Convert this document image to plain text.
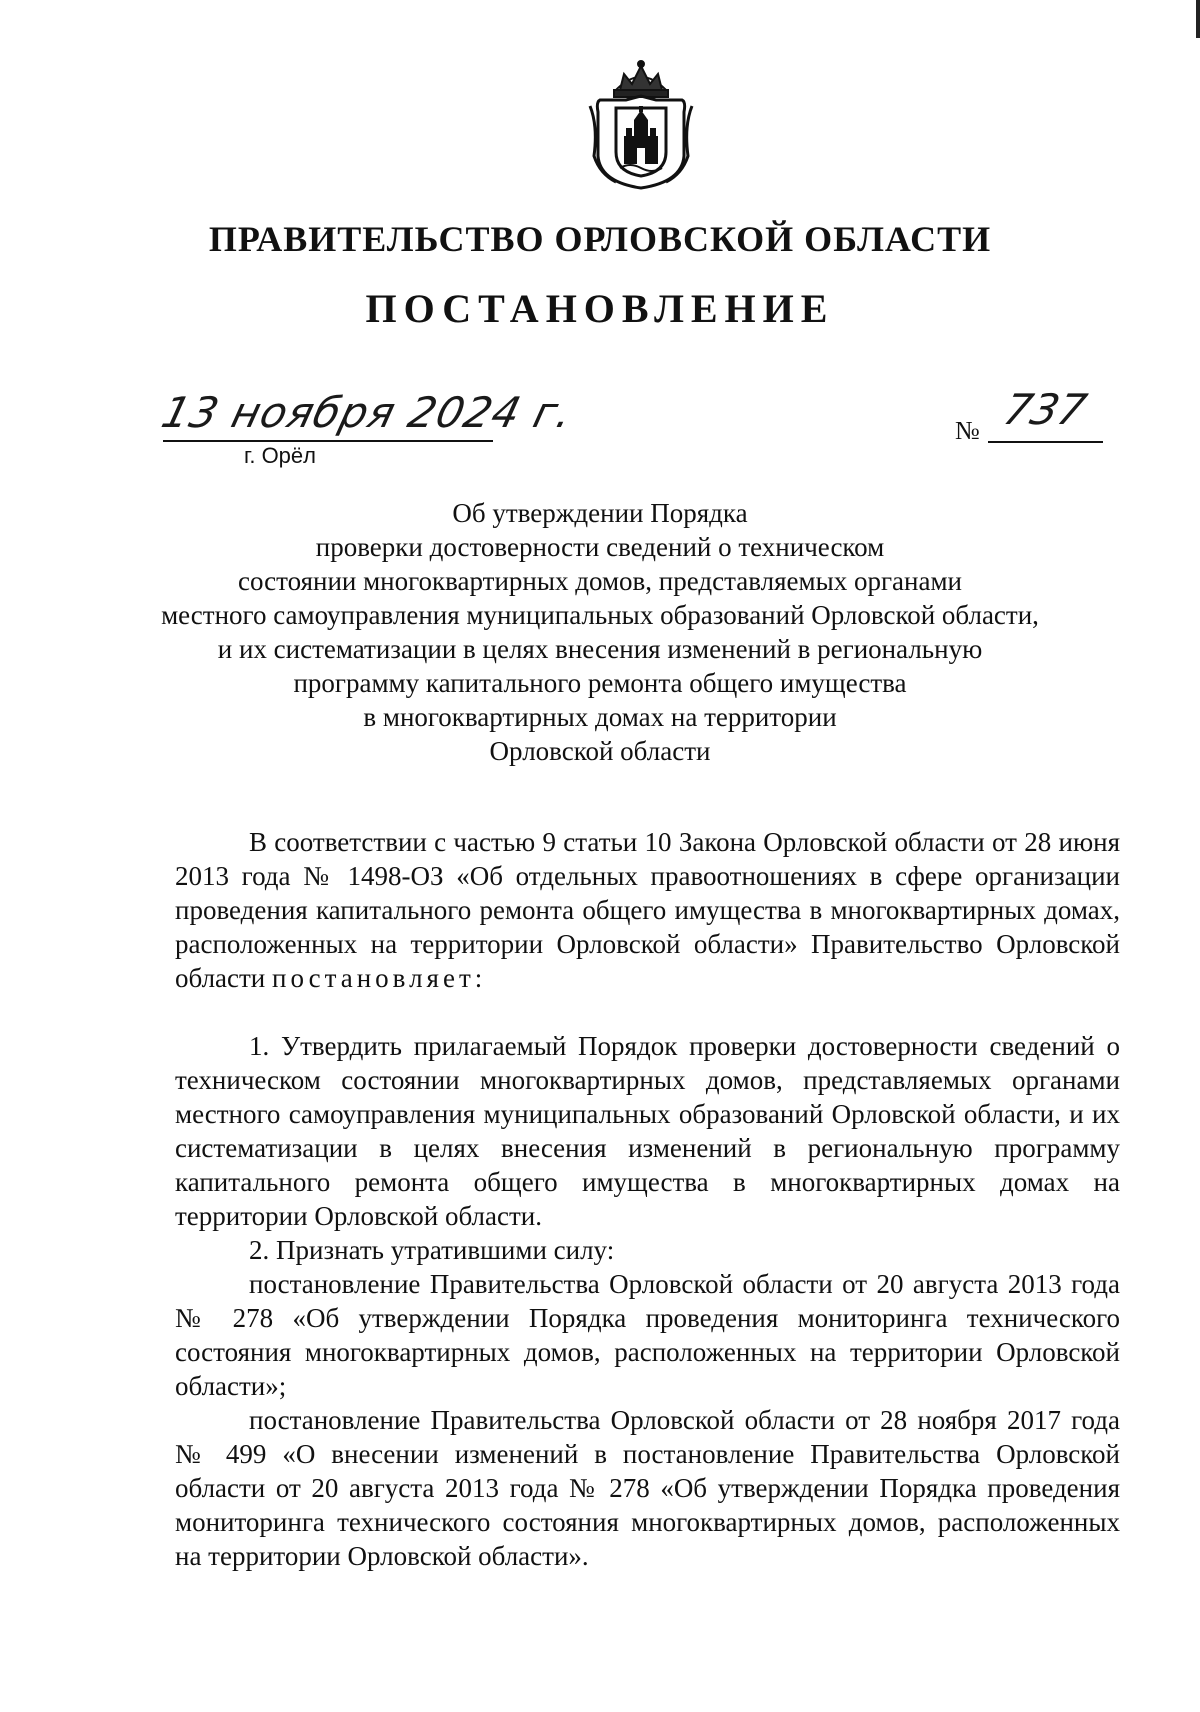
ПРАВИТЕЛЬСТВО ОРЛОВСКОЙ ОБЛАСТИ
ПОСТАНОВЛЕНИЕ
13 ноября 2024 г.
г. Орёл
№ 737
Об утверждении Порядка
проверки достоверности сведений о техническом
состоянии многоквартирных домов, представляемых органами
местного самоуправления муниципальных образований Орловской области,
и их систематизации в целях внесения изменений в региональную
программу капитального ремонта общего имущества
в многоквартирных домах на территории
Орловской области

В соответствии с частью 9 статьи 10 Закона Орловской области от 28 июня 2013 года № 1498-ОЗ «Об отдельных правоотношениях в сфере организации проведения капитального ремонта общего имущества в многоквартирных домах, расположенных на территории Орловской области» Правительство Орловской области постановляет:

1. Утвердить прилагаемый Порядок проверки достоверности сведений о техническом состоянии многоквартирных домов, представляемых органами местного самоуправления муниципальных образований Орловской области, и их систематизации в целях внесения изменений в региональную программу капитального ремонта общего имущества в многоквартирных домах на территории Орловской области.

2. Признать утратившими силу:

постановление Правительства Орловской области от 20 августа 2013 года № 278 «Об утверждении Порядка проведения мониторинга технического состояния многоквартирных домов, расположенных на территории Орловской области»;

постановление Правительства Орловской области от 28 ноября 2017 года № 499 «О внесении изменений в постановление Правительства Орловской области от 20 августа 2013 года № 278 «Об утверждении Порядка проведения мониторинга технического состояния многоквартирных домов, расположенных на территории Орловской области».
